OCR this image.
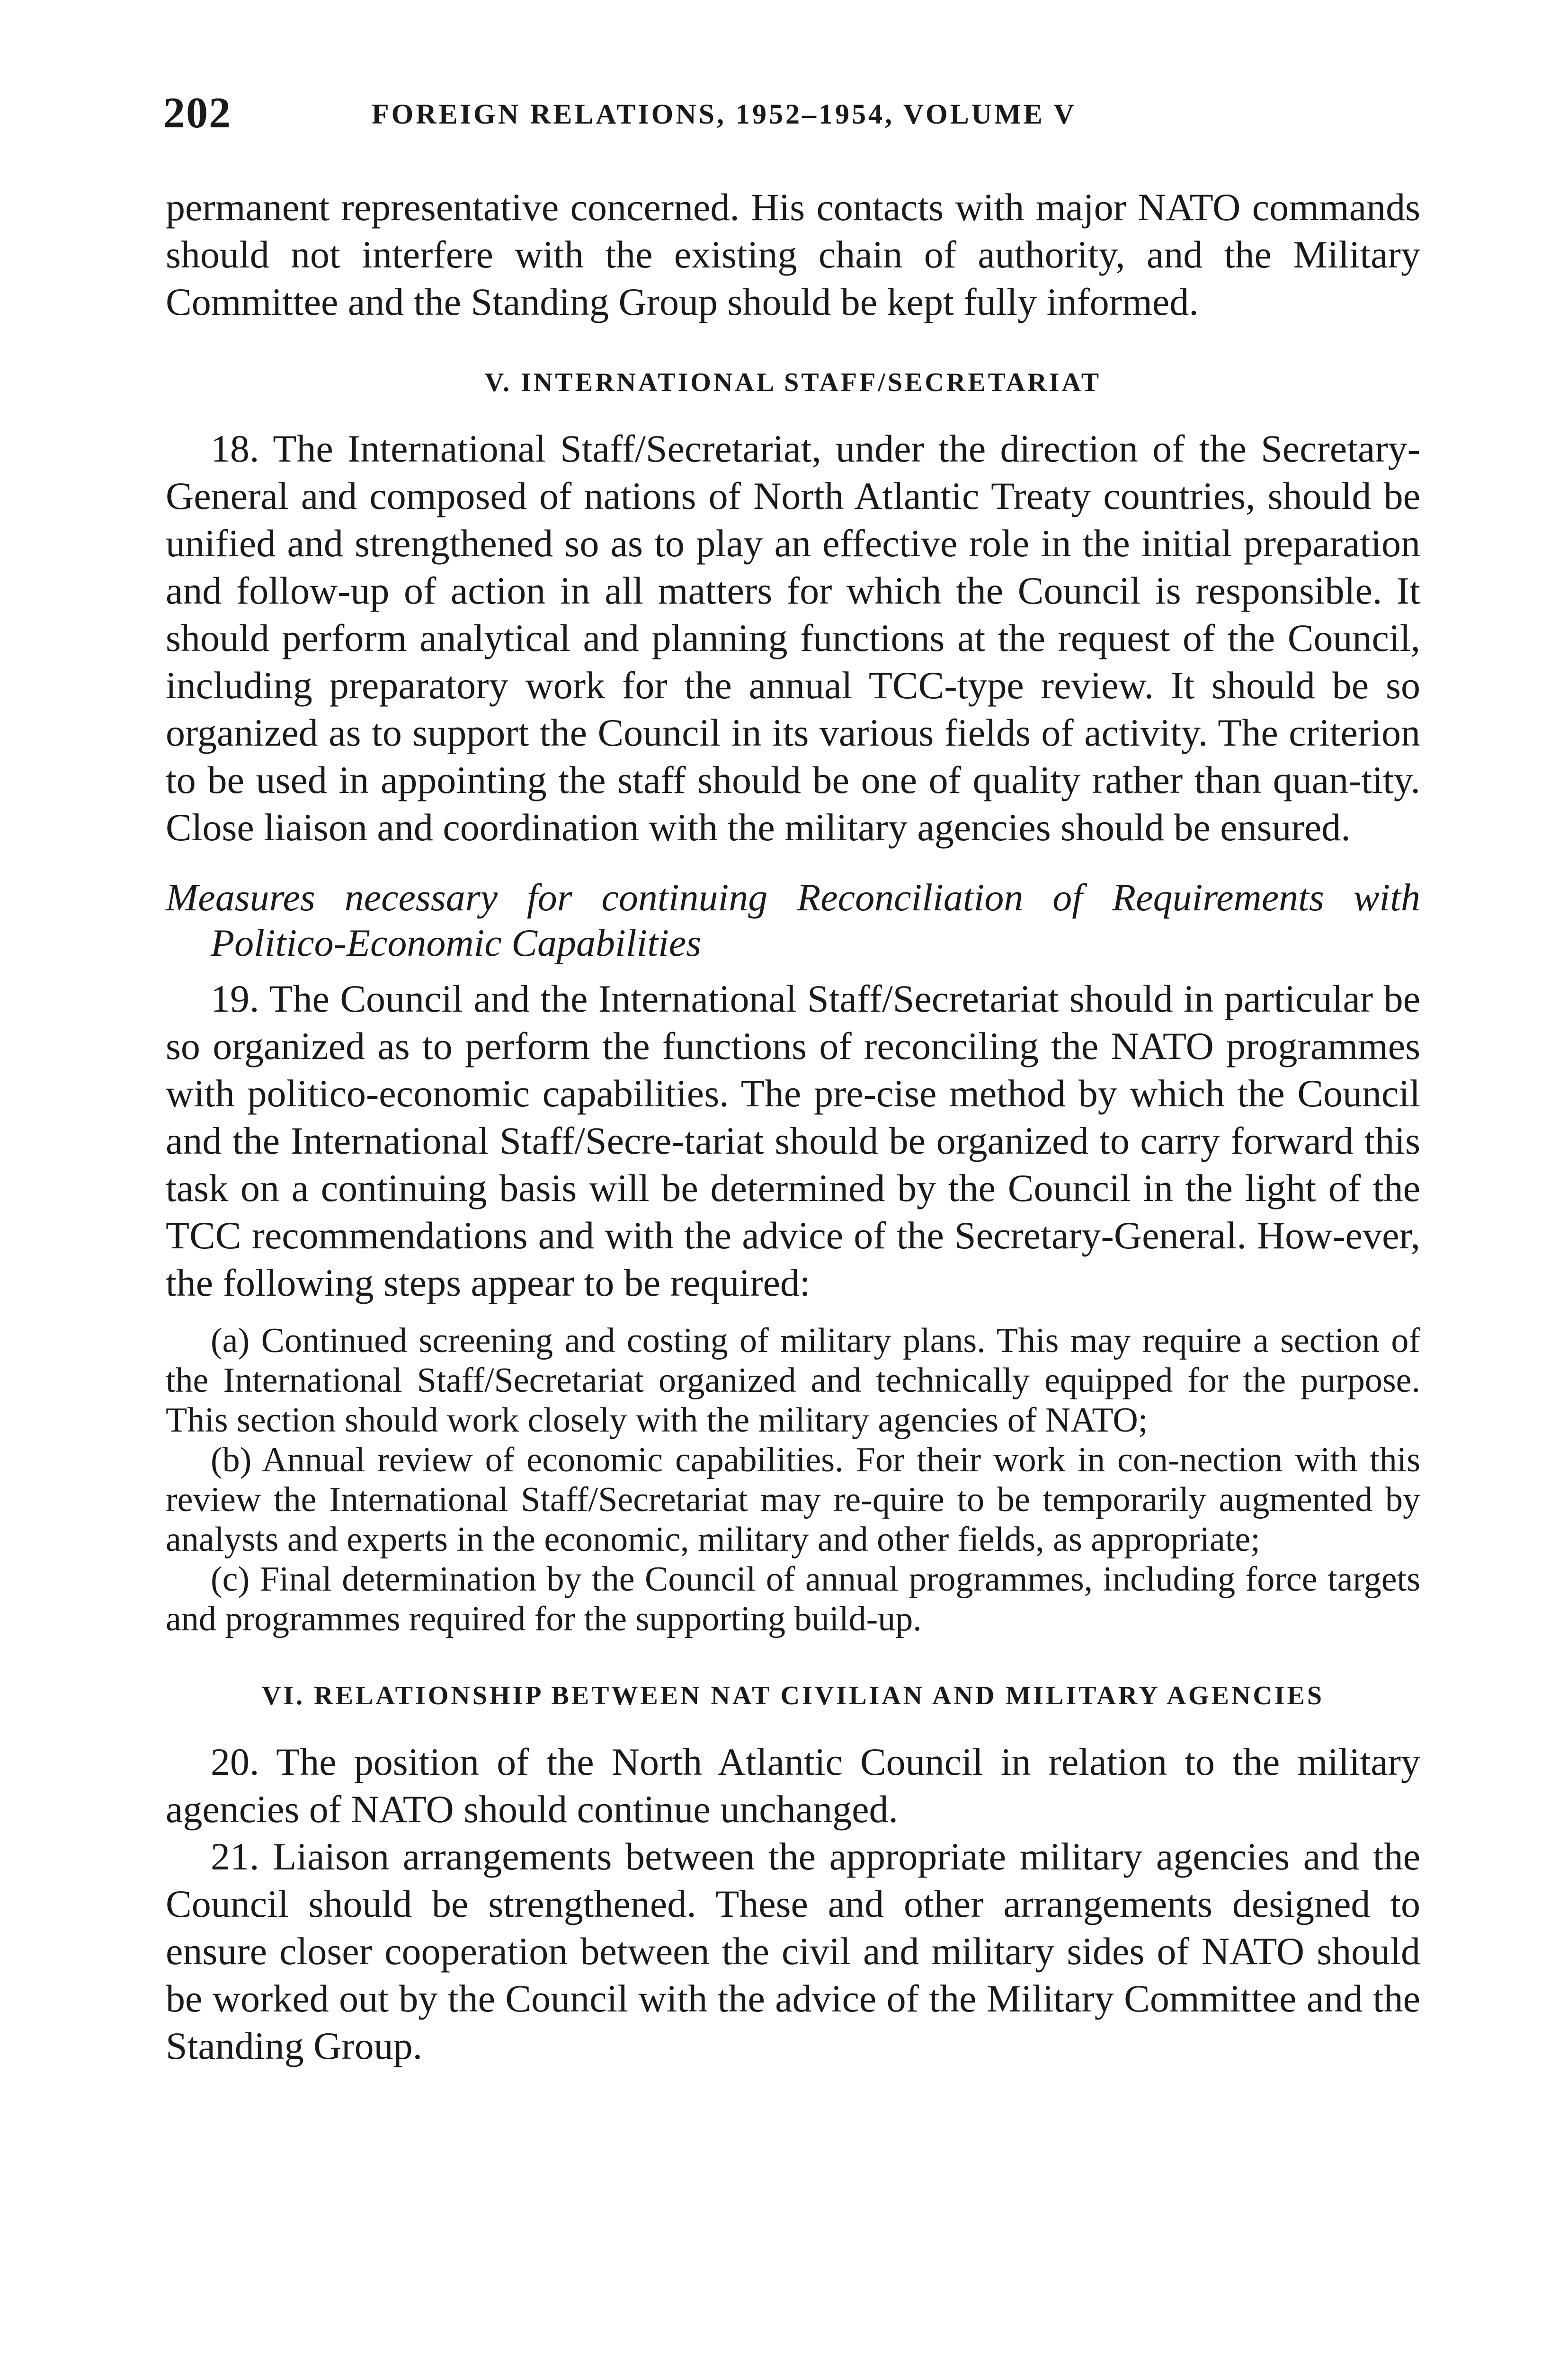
202	FOREIGN RELATIONS, 1952–1954, VOLUME V

permanent representative concerned. His contacts with major NATO commands should not interfere with the existing chain of authority, and the Military Committee and the Standing Group should be kept fully informed.

V. INTERNATIONAL STAFF/SECRETARIAT

18. The International Staff/Secretariat, under the direction of the Secretary-General and composed of nations of North Atlantic Treaty countries, should be unified and strengthened so as to play an effective role in the initial preparation and follow-up of action in all matters for which the Council is responsible. It should perform analytical and planning functions at the request of the Council, including preparatory work for the annual TCC-type review. It should be so organized as to support the Council in its various fields of activity. The criterion to be used in appointing the staff should be one of quality rather than quan-tity. Close liaison and coordination with the military agencies should be ensured.

Measures necessary for continuing Reconciliation of Requirements with Politico-Economic Capabilities

19. The Council and the International Staff/Secretariat should in particular be so organized as to perform the functions of reconciling the NATO programmes with politico-economic capabilities. The pre-cise method by which the Council and the International Staff/Secre-tariat should be organized to carry forward this task on a continuing basis will be determined by the Council in the light of the TCC recommendations and with the advice of the Secretary-General. How-ever, the following steps appear to be required:

(a) Continued screening and costing of military plans. This may require a section of the International Staff/Secretariat organized and technically equipped for the purpose. This section should work closely with the military agencies of NATO;

(b) Annual review of economic capabilities. For their work in con-nection with this review the International Staff/Secretariat may re-quire to be temporarily augmented by analysts and experts in the economic, military and other fields, as appropriate;

(c) Final determination by the Council of annual programmes, including force targets and programmes required for the supporting build-up.

VI. RELATIONSHIP BETWEEN NAT CIVILIAN AND MILITARY AGENCIES

20. The position of the North Atlantic Council in relation to the military agencies of NATO should continue unchanged.

21. Liaison arrangements between the appropriate military agencies and the Council should be strengthened. These and other arrangements designed to ensure closer cooperation between the civil and military sides of NATO should be worked out by the Council with the advice of the Military Committee and the Standing Group.
